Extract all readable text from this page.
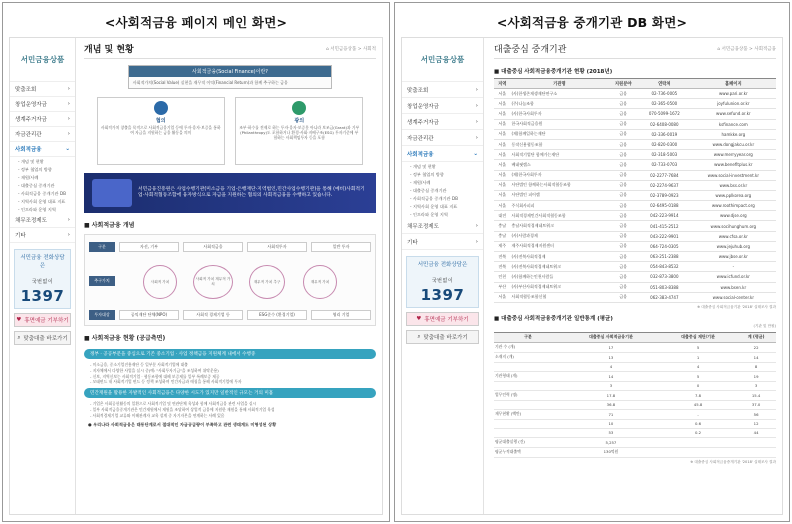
<사회적금융 페이지 메인 화면>
서민금융상품
맞춤조회	›
창업운영자금	›
생계주거자금	›
자금관리관	›
사회적금융	⌄
- 개념 및 현황
- 정부 협업의 방향
- 재원/사례
- 대출중심 중개기관
- 사회적금융 중개기관 DB
- 지역사회 운영 대표 지표
- 인프라와 운영 지역
채무조정제도	›
기타	›
서민금융 전화상담은
국번없이 1397
♥ 휴면예금 기부하기
⌕ 맞춤대출 바로가기
개념 및 현황	⌂ 서민금융상품 > 사회적
사회적금융(Social Finance)이란?
사회적가치(Social Value) 실현을 재무적 이익(Financial Return)과 함께 추구하는 금융
협의
사회적가치 창출을 목적으로 사회적금융기업 등에 투자·융자·보증을 통하여 자금을 지원하는 금융 활동을 의미
광의
조부·하수를 전제로 하는 투자·융자·보증분 아니라 보조금(Grant)과 기부(Philanthropy)도 포함하거나 환경·사회·지배구조(ESG) 투자기준에 부합하는 사회책임투자 등을 포함
서민금융진흥원은 사업수행기관(미소금융 기업·은행재단·지역법인,민간사업수행기관)을 통해 (예비)사회적기업·사회적협동조합에 융자방식으로 자금을 지원하는 협의의 사회적금융을 수행하고 있습니다.
■ 사회적금융 개념
구분	자선, 기부	사회적금융	사회적투자	일반 투자
추구가치
투자대상	공익재단 단체(NPO)	사회적 경제기업 등	ESG준수 (환경기업)	영리 기업
사회적 가치
사회적 가치 재무적 가치
재무적 가치 추구	재무적 가치
■ 사회적금융 현황 (공급측면)
정부 · 공공부문을 중심으로 기존 중소기업 · 사업 정책금융 지원체계 내에서 수행중
- 미소금융, 중소기업진흥재단 등 일부분 사회적기업에 대출
- 지자체에서 다양한 사업을 실시 중(예: "사회투자기금"을 조성하여 위탁운용)
- 신보, 지역신보는 사회적기업 · 협동조합에 대해 보증제를 일부 특례보증 제공
- 모태펀드 내 사회적기업 펀드 등 정책 조성하며 민간자금과 매칭을 통해 사회적기업에 투자
민간재원을 활용한 자발적인 사회적금융은 다양한 시도가 있지만 일반적인 규모는 거의 미흡
- 기업은 사회공헌활동의 일환으로 사회적기업 및 연관단체 육성과 함께 사회적금융 관련 사업을 실시
- 일부 사회적금융중개기관은 민간재원에서 재원을 조달하여 상업적 금융에 지원한 재원을 통해 사회적기업 육성
- 사회적경제기업 교류와 이해관계자 교육 설계 중 자기자본을 연계하는 사례 있음
● 우리나라 사회적금융은 태동단계로서 절대적인 자금공급량이 부족하고 관련 생태계도 미형성된 상황
<사회적금융 중개기관 DB 화면>
서민금융상품
맞춤조회	›
창업운영자금	›
생계주거자금	›
자금관리관	›
사회적금융	⌄
- 개념 및 현황
- 정부 협업의 방향
- 재원/사례
- 대출중심 중개기관
- 사회적금융 중개기관 DB
- 지역사회 운영 대표 지표
- 인프라와 운영 지역
채무조정제도	›
기타	›
서민금융 전화상담은
국번없이 1397
♥ 휴면예금 기부하기
⌕ 맞춤대출 바로가기
대출중심 중개기관	⌂ 서민금융상품 > 사회적금융
■ 대출중심 사회적금융중개기관 현황 (2018년)
지역	기관명	지원분야	연락처	홈페이지
서울	(사)한생존재생재단연구소	금융	02-736-0005	www.pari.or.kr
서울	(주)나눔조합	금융	02-365-0500	joyfulunion.or.kr
서울	(사)한국사회투자	금융	070-5099-1672	www.sefund.or.kr
서울	한국사회적금융원	금융	02-6408-0080	ksfinance.com
서울	(재)함께일하는재단	금융	02-336-0019	hamkke.org
서울	동작신용협동조합	금융	02-820-0300	www.dongjakcu.or.kr
서울	사회적기업단 함께가는재단	금융	02-318-5003	www.merryyear.org
서울	베네핏랩스	금융	02-733-0703	www.benefitplus.kr
서울	(재)한국사회투자	금융	02-2277-7684	www.social-investment.kr
서울	사단법인 함께하는사회적협동조합	금융	02-2274-9637	www.bss.or.kr
서울	사단법인 피어랩	금융	02-3789-0923	www.pplkorea.org
서울	주식회사피피	금융	02-6495-0188	www.roothimpact.org
대전	사회적경제민간사회적협동조합	금융	042-223-9914	www.djse.org
충남	충남사회적경제네트워크	금융	041-415-2512	www.socihunghum.org
충남	(사)사람과경제	금융	043-222-9901	www.cfsa.or.kr
제주	제주사회적경제지원센터	금융	064-724-0305	www.jejuhub.org
전북	(사)전북사회적경제	금융	063-251-2388	www.jbse.or.kr
전북	(사)전북사회적경제네트워크	금융	054-843-8532	-
인천	(사)함께하는인천사람들	금융	032-873-3800	www.icfund.or.kr
부산	(사)부산사회적경제네트워크	금융	051-803-8388	www.bsen.kr
서울	사회적협동조합신협	금융	062-383-4747	www.social-center.kr
※ 대출중심 사회적금융기관 '2018' 실태조사 결과
■ 대출중심 사회적금융중개기관 일반통계 (평균)
(기관 및 만원)
구분	대출중심 사회적금융기관	대출중심 재단/기관	계 (평균)
기관 수 (개)	17	5	22
소재지 (개)	13	1	14
	4	4	8
기관형태 (개)	14	5	19
	3	0	3
업무인력 (명)	17.8	7.8	15.4
	36.8	45.8	37.0
재무현황 (백만)	71	-	56
	10	0.6	12
	53	0.2	44
평균대출실행 (건)	5,257		
평균누적대출액	130억원		
※ 대출중심 사회적금융중개기관 '2018' 실태조사 결과
